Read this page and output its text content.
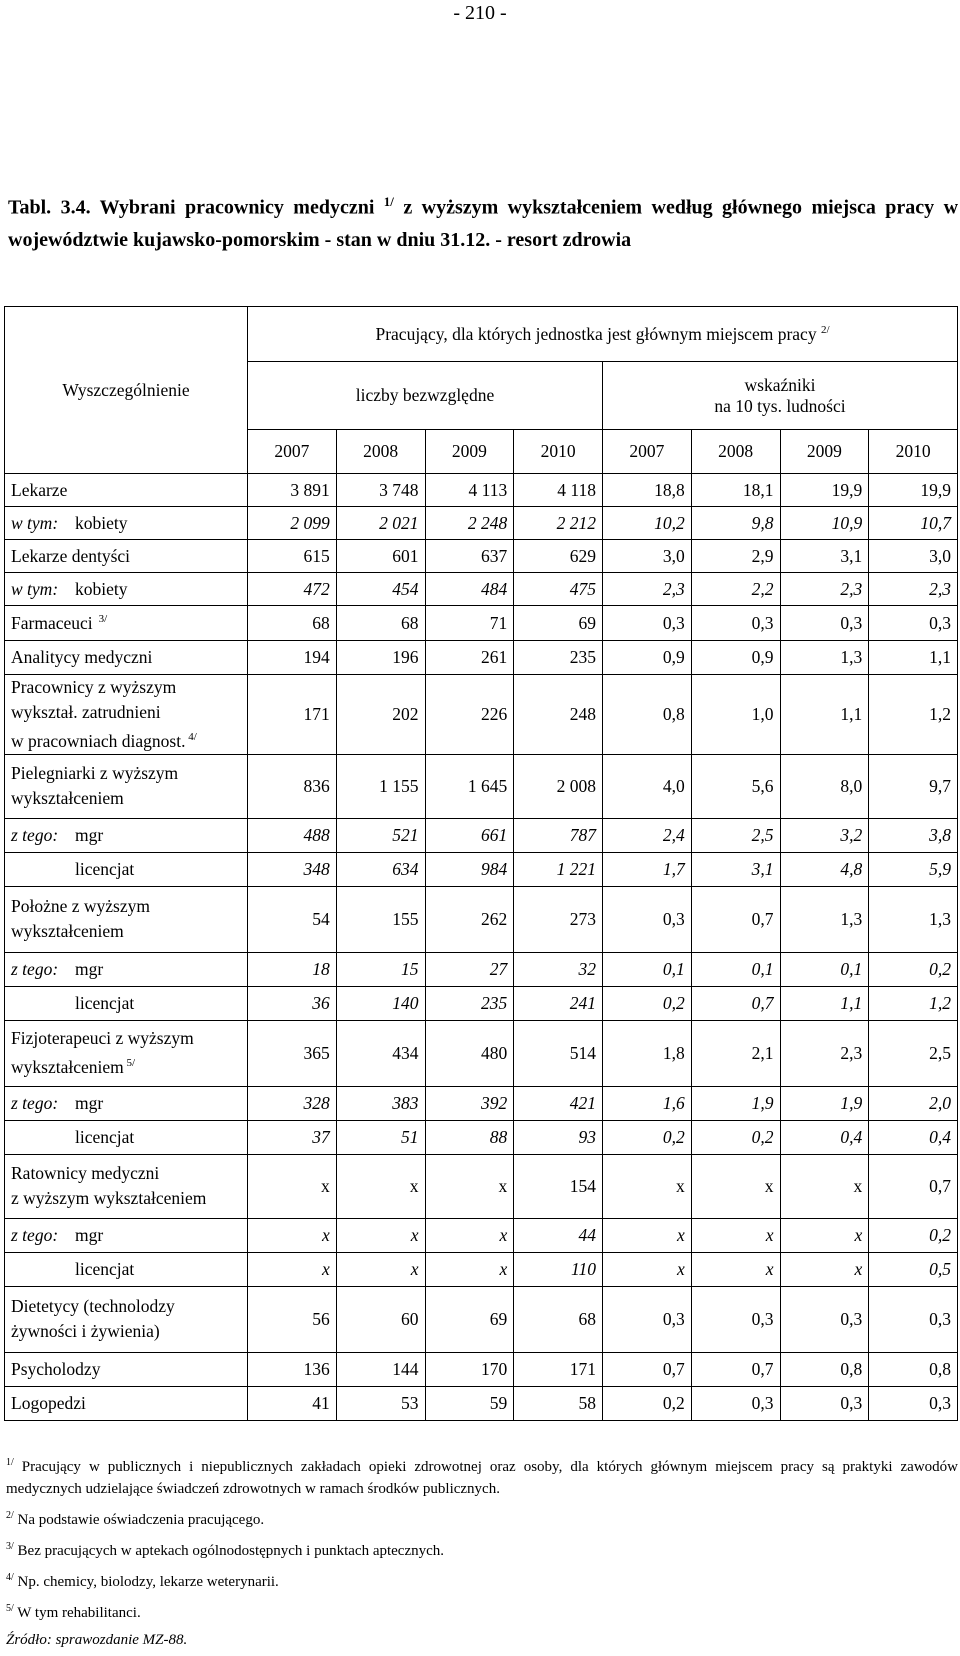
- 210 -
Tabl. 3.4. Wybrani pracownicy medyczni $^{1/}$ z wyższym wykształceniem według głównego miejsca pracy w województwie kujawsko-pomorskim - stan w dniu 31.12. - resort zdrowia
Wyszczególnienie	Pracujący, dla których jednostka jest głównym miejscem pracy $^{2/}$
	liczby bezwzględne				wskaźniki
na 10 tys. ludności			

	2007	2008	2009	2010	2007	2008	2009	2010
Lekarze	3 891	3 748	4 113	4 118	18,8	18,1	19,9	19,9
w tym: kobiety	2 099	2 021	2 248	2 212	10,2	9,8	10,9	10,7
Lekarze dentyści	615	601	637	629	3,0	2,9	3,1	3,0
w tym: kobiety	472	454	484	475	2,3	2,2	2,3	2,3
Farmaceuci $^{3/}$	68	68	71	69	0,3	0,3	0,3	0,3
Analitycy medyczni	194	196	261	235	0,9	0,9	1,3	1,1

Pracownicy z wyższym
wykształ. zatrudnieni
w pracowniach diagnost. $^{4/}$	171	202	226	248	0,8	1,0	1,1	1,2

Pielegniarki z wyższym
wykształceniem	836	1 155	1 645	2 008	4,0	5,6	8,0	9,7
z tego: mgr	488	521	661	787	2,4	2,5	3,2	3,8
licencjat	348	634	984	1 221	1,7	3,1	4,8	5,9

Położne z wyższym
wykształceniem	54	155	262	273	0,3	0,7	1,3	1,3
z tego: mgr	18	15	27	32	0,1	0,1	0,1	0,2
licencjat	36	140	235	241	0,2	0,7	1,1	1,2

Fizjoterapeuci z wyższym
wykształceniem $^{5/}$	365	434	480	514	1,8	2,1	2,3	2,5
z tego: mgr	328	383	392	421	1,6	1,9	1,9	2,0
licencjat	37	51	88	93	0,2	0,2	0,4	0,4

Ratownicy medyczni
z wyższym wykształceniem	x	x	x	154	x	x	x	0,7
z tego: mgr	x	x	x	44	x	x	x	0,2
licencjat	x	x	x	110	x	x	x	0,5

Dietetycy (technolodzy
żywności i żywienia)	56	60	69	68	0,3	0,3	0,3	0,3
Psycholodzy	136	144	170	171	0,7	0,7	0,8	0,8
Logopedzi	41	53	59	58	0,2	0,3	0,3	0,3
$^{1/}$ Pracujący w publicznych i niepublicznych zakładach opieki zdrowotnej oraz osoby, dla których głównym miejscem pracy są praktyki zawodów medycznych udzielające świadczeń zdrowotnych w ramach środków publicznych.
$^{2/}$ Na podstawie oświadczenia pracującego.
$^{3/}$ Bez pracujących w aptekach ogólnodostępnych i punktach aptecznych.
$^{4/}$ Np. chemicy, biolodzy, lekarze weterynarii.
$^{5/}$ W tym rehabilitanci.
Źródło: sprawozdanie MZ-88.
